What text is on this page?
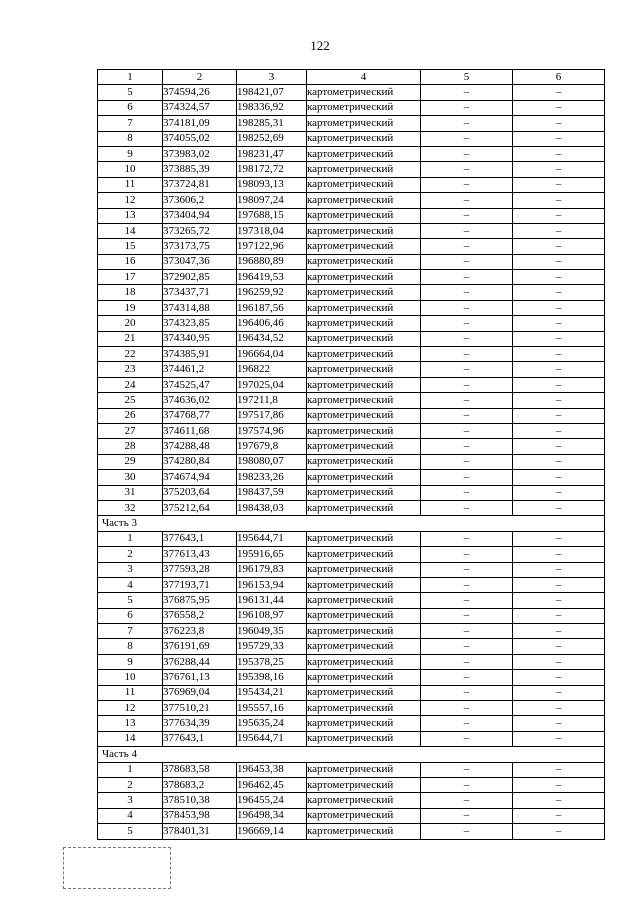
122
1	2	3	4	5	6
5	374594,26	198421,07	картометрический	–	–
6	374324,57	198336,92	картометрический	–	–
7	374181,09	198285,31	картометрический	–	–
8	374055,02	198252,69	картометрический	–	–
9	373983,02	198231,47	картометрический	–	–
10	373885,39	198172,72	картометрический	–	–
11	373724,81	198093,13	картометрический	–	–
12	373606,2	198097,24	картометрический	–	–
13	373404,94	197688,15	картометрический	–	–
14	373265,72	197318,04	картометрический	–	–
15	373173,75	197122,96	картометрический	–	–
16	373047,36	196880,89	картометрический	–	–
17	372902,85	196419,53	картометрический	–	–
18	373437,71	196259,92	картометрический	–	–
19	374314,88	196187,56	картометрический	–	–
20	374323,85	196406,46	картометрический	–	–
21	374340,95	196434,52	картометрический	–	–
22	374385,91	196664,04	картометрический	–	–
23	374461,2	196822	картометрический	–	–
24	374525,47	197025,04	картометрический	–	–
25	374636,02	197211,8	картометрический	–	–
26	374768,77	197517,86	картометрический	–	–
27	374611,68	197574,96	картометрический	–	–
28	374288,48	197679,8	картометрический	–	–
29	374280,84	198080,07	картометрический	–	–
30	374674,94	198233,26	картометрический	–	–
31	375203,64	198437,59	картометрический	–	–
32	375212,64	198438,03	картометрический	–	–
Часть 3					
1	377643,1	195644,71	картометрический	–	–
2	377613,43	195916,65	картометрический	–	–
3	377593,28	196179,83	картометрический	–	–
4	377193,71	196153,94	картометрический	–	–
5	376875,95	196131,44	картометрический	–	–
6	376558,2	196108,97	картометрический	–	–
7	376223,8	196049,35	картометрический	–	–
8	376191,69	195729,33	картометрический	–	–
9	376288,44	195378,25	картометрический	–	–
10	376761,13	195398,16	картометрический	–	–
11	376969,04	195434,21	картометрический	–	–
12	377510,21	195557,16	картометрический	–	–
13	377634,39	195635,24	картометрический	–	–
14	377643,1	195644,71	картометрический	–	–
Часть 4					
1	378683,58	196453,38	картометрический	–	–
2	378683,2	196462,45	картометрический	–	–
3	378510,38	196455,24	картометрический	–	–
4	378453,98	196498,34	картометрический	–	–
5	378401,31	196669,14	картометрический	–	–
